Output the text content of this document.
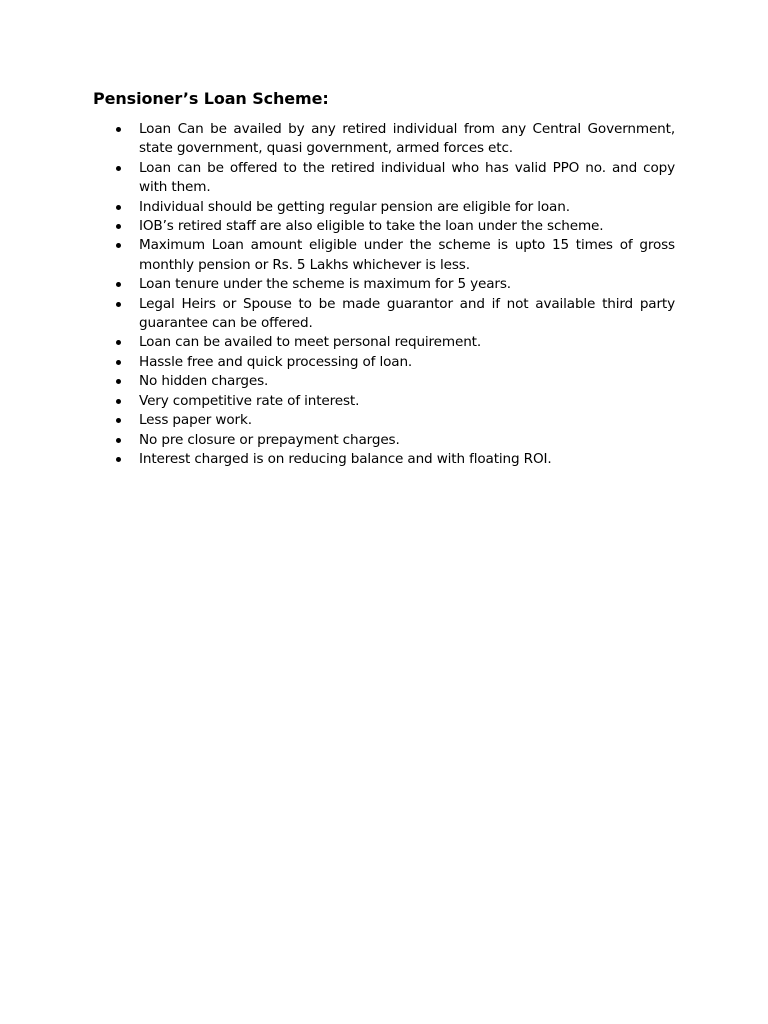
Pensioner’s Loan Scheme:
Loan Can be availed by any retired individual from any Central Government, state government, quasi government, armed forces etc.
Loan can be offered to the retired individual who has valid PPO no. and copy with them.
Individual should be getting regular pension are eligible for loan.
IOB’s retired staff are also eligible to take the loan under the scheme.
Maximum Loan amount eligible under the scheme is upto 15 times of gross monthly pension or Rs. 5 Lakhs whichever is less.
Loan tenure under the scheme is maximum for 5 years.
Legal Heirs or Spouse to be made guarantor and if not available third party guarantee can be offered.
Loan can be availed to meet personal requirement.
Hassle free and quick processing of loan.
No hidden charges.
Very competitive rate of interest.
Less paper work.
No pre closure or prepayment charges.
Interest charged is on reducing balance and with floating ROI.
